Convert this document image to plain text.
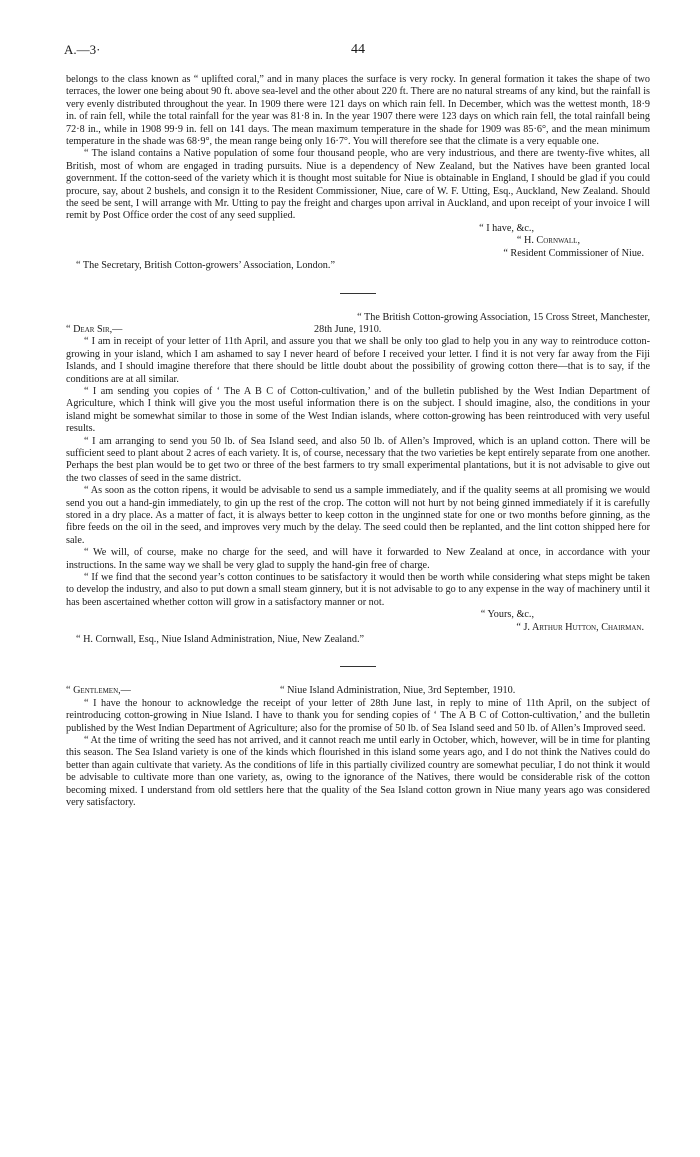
A.—3·	44

belongs to the class known as “ uplifted coral,” and in many places the surface is very rocky. In general formation it takes the shape of two terraces, the lower one being about 90 ft. above sea-level and the other about 220 ft. There are no natural streams of any kind, but the rainfall is very evenly distributed throughout the year. In 1909 there were 121 days on which rain fell. In December, which was the wettest month, 18·9 in. of rain fell, while the total rainfall for the year was 81·8 in. In the year 1907 there were 123 days on which rain fell, the total rainfall being 72·8 in., while in 1908 99·9 in. fell on 141 days. The mean maximum temperature in the shade for 1909 was 85·6°, and the mean minimum temperature in the shade was 68·9°, the mean range being only 16·7°. You will therefore see that the climate is a very equable one.

“ The island contains a Native population of some four thousand people, who are very industrious, and there are twenty-five whites, all British, most of whom are engaged in trading pursuits. Niue is a dependency of New Zealand, but the Natives have been granted local government. If the cotton-seed of the variety which it is thought most suitable for Niue is obtainable in England, I should be glad if you could procure, say, about 2 bushels, and consign it to the Resident Commissioner, Niue, care of W. F. Utting, Esq., Auckland, New Zealand. Should the seed be sent, I will arrange with Mr. Utting to pay the freight and charges upon arrival in Auckland, and upon receipt of your invoice I will remit by Post Office order the cost of any seed supplied.

“ I have, &c.,
“ H. Cornwall,
“ Resident Commissioner of Niue.
“ The Secretary, British Cotton-growers’ Association, London.”
“ The British Cotton-growing Association, 15 Cross Street, Manchester,
“ Dear Sir,—	28th June, 1910.

“ I am in receipt of your letter of 11th April, and assure you that we shall be only too glad to help you in any way to reintroduce cotton-growing in your island, which I am ashamed to say I never heard of before I received your letter. I find it is not very far away from the Fiji Islands, and I should imagine therefore that there should be little doubt about the possibility of growing cotton there—that is to say, if the conditions are at all similar.

“ I am sending you copies of ‘ The A B C of Cotton-cultivation,’ and of the bulletin published by the West Indian Department of Agriculture, which I think will give you the most useful information there is on the subject. I should imagine, also, the conditions in your island might be somewhat similar to those in some of the West Indian islands, where cotton-growing has been reintroduced with very useful results.

“ I am arranging to send you 50 lb. of Sea Island seed, and also 50 lb. of Allen’s Improved, which is an upland cotton. There will be sufficient seed to plant about 2 acres of each variety. It is, of course, necessary that the two varieties be kept entirely separate from one another. Perhaps the best plan would be to get two or three of the best farmers to try small experimental plantations, but it is not advisable to give out the two classes of seed in the same district.

“ As soon as the cotton ripens, it would be advisable to send us a sample immediately, and if the quality seems at all promising we would send you out a hand-gin immediately, to gin up the rest of the crop. The cotton will not hurt by not being ginned immediately if it is carefully stored in a dry place. As a matter of fact, it is always better to keep cotton in the unginned state for one or two months before ginning, as the fibre feeds on the oil in the seed, and improves very much by the delay. The seed could then be replanted, and the lint cotton shipped here for sale.

“ We will, of course, make no charge for the seed, and will have it forwarded to New Zealand at once, in accordance with your instructions. In the same way we shall be very glad to supply the hand-gin free of charge.

“ If we find that the second year’s cotton continues to be satisfactory it would then be worth while considering what steps might be taken to develop the industry, and also to put down a small steam ginnery, but it is not advisable to go to any expense in the way of machinery until it has been ascertained whether cotton will grow in a satisfactory manner or not.

“ Yours, &c.,
“ J. Arthur Hutton, Chairman.
“ H. Cornwall, Esq., Niue Island Administration, Niue, New Zealand.”
“ Gentlemen,—	“ Niue Island Administration, Niue, 3rd September, 1910.

“ I have the honour to acknowledge the receipt of your letter of 28th June last, in reply to mine of 11th April, on the subject of reintroducing cotton-growing in Niue Island. I have to thank you for sending copies of ‘ The A B C of Cotton-cultivation,’ and the bulletin published by the West Indian Department of Agriculture; also for the promise of 50 lb. of Sea Island seed and 50 lb. of Allen’s Improved seed.

“ At the time of writing the seed has not arrived, and it cannot reach me until early in October, which, however, will be in time for planting this season. The Sea Island variety is one of the kinds which flourished in this island some years ago, and I do not think the Natives could do better than again cultivate that variety. As the conditions of life in this partially civilized country are somewhat peculiar, I do not think it would be advisable to cultivate more than one variety, as, owing to the ignorance of the Natives, there would be considerable risk of the cotton becoming mixed. I understand from old settlers here that the quality of the Sea Island cotton grown in Niue many years ago was considered very satisfactory.
